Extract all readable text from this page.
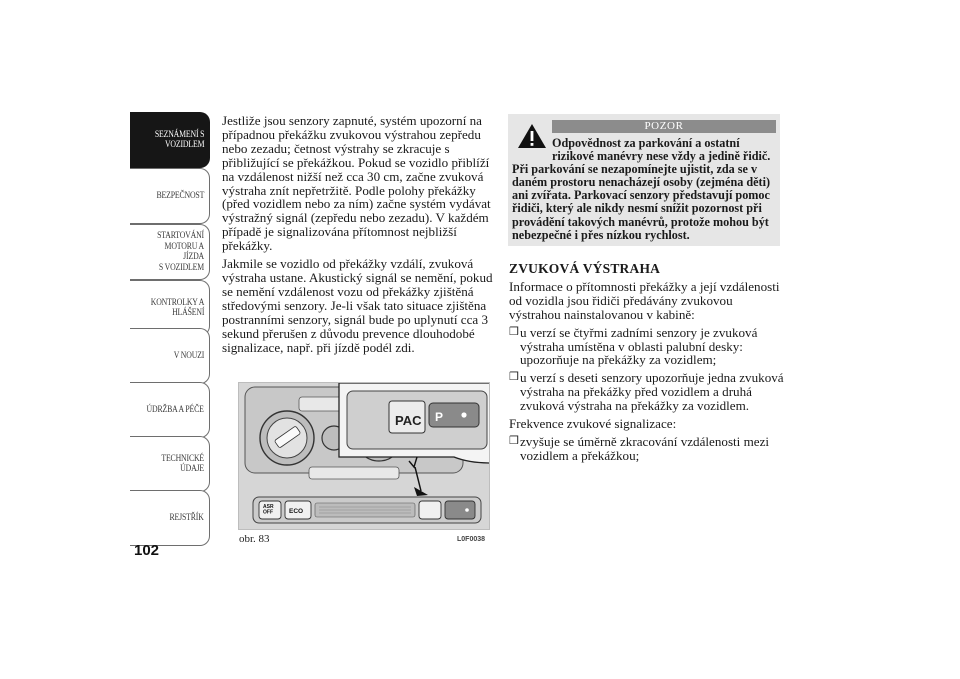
SEZNÁMENÍ S
VOZIDLEM
BEZPEČNOST
STARTOVÁNÍ
MOTORU A JÍZDA
S VOZIDLEM
KONTROLKY A
HLÁŠENÍ
V NOUZI
ÚDRŽBA A PÉČE
TECHNICKÉ
ÚDAJE
REJSTŘÍK
102

Jestliže jsou senzory zapnuté, systém upozorní na případnou překážku zvukovou výstrahou zepředu nebo zezadu; četnost výstrahy se zkracuje s přibližující se překážkou. Pokud se vozidlo přiblíží na vzdálenost nižší než cca 30 cm, začne zvuková výstraha znít nepřetržitě. Podle polohy překážky (před vozidlem nebo za ním) začne systém vydávat výstražný signál (zepředu nebo zezadu). V každém případě je signalizována přítomnost nejbližší překážky.

Jakmile se vozidlo od překážky vzdálí, zvuková výstraha ustane. Akustický signál se nemění, pokud se nemění vzdálenost vozu od překážky zjištěná středovými senzory. Je-li však tato situace zjištěna postranními senzory, signál bude po uplynutí cca 3 sekund přerušen z důvodu prevence dlouhodobé signalizace, např. při jízdě podél zdi.

PAC P
ASR OFF ECO
obr. 83	L0F0038
POZOR
Odpovědnost za parkování a ostatní
rizikové manévry nese vždy a jedině řidič.
Při parkování se nezapomínejte ujistit, zda se v daném prostoru nenacházejí osoby (zejména děti) ani zvířata. Parkovací senzory představují pomoc řidiči, který ale nikdy nesmí snížit pozornost při provádění takových manévrů, protože mohou být nebezpečné i přes nízkou rychlost.
ZVUKOVÁ VÝSTRAHA

Informace o přítomnosti překážky a její vzdálenosti od vozidla jsou řidiči předávány zvukovou výstrahou nainstalovanou v kabině:

❒ u verzí se čtyřmi zadními senzory je zvuková výstraha umístěna v oblasti palubní desky: upozorňuje na překážky za vozidlem;
❒ u verzí s deseti senzory upozorňuje jedna zvuková výstraha na překážky před vozidlem a druhá zvuková výstraha na překážky za vozidlem.

Frekvence zvukové signalizace:

❒ zvyšuje se úměrně zkracování vzdálenosti mezi vozidlem a překážkou;
